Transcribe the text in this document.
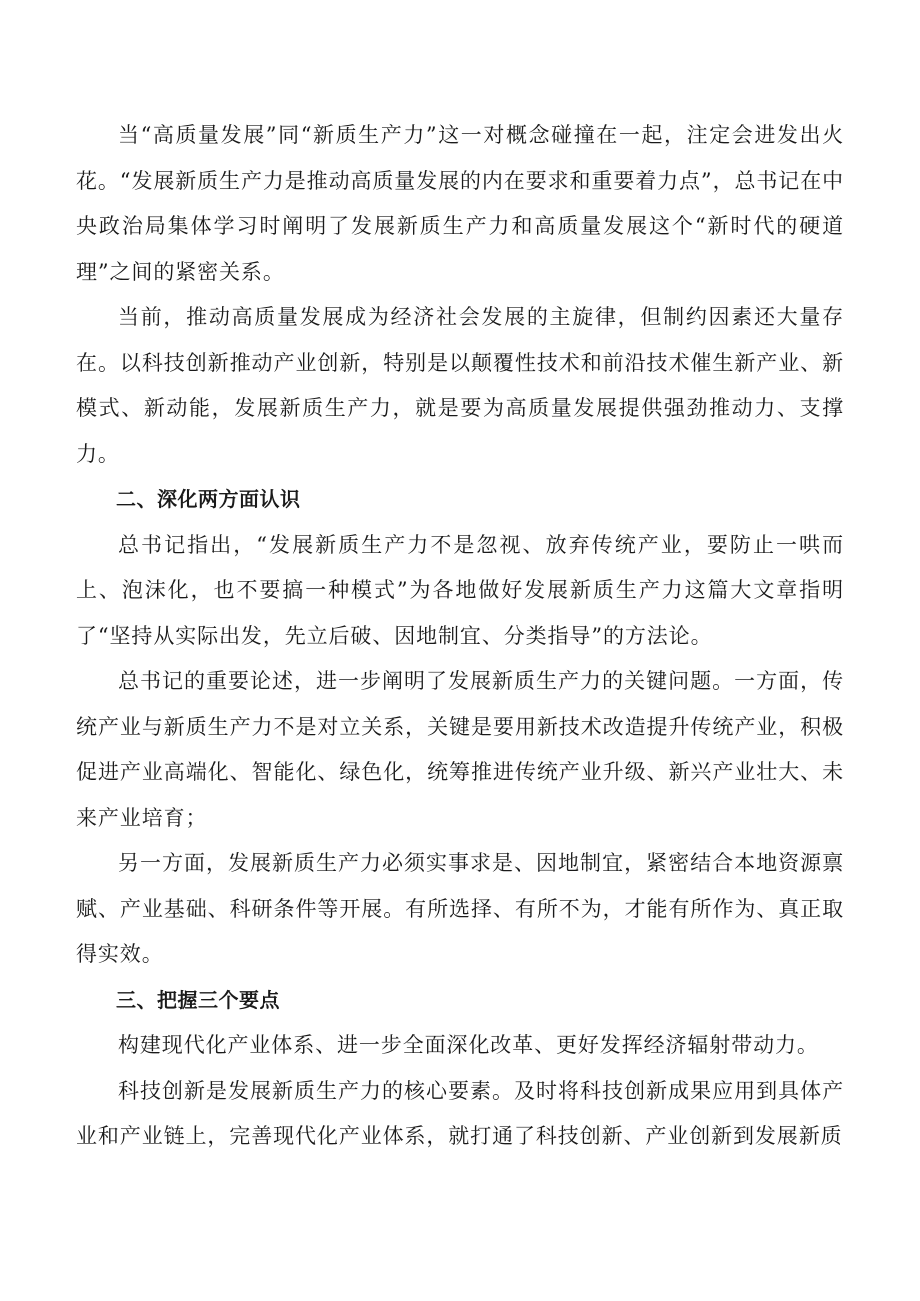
当“高质量发展”同“新质生产力”这一对概念碰撞在一起，注定会进发出火花。“发展新质生产力是推动高质量发展的内在要求和重要着力点”，总书记在中央政治局集体学习时阐明了发展新质生产力和高质量发展这个“新时代的硬道理”之间的紧密关系。

当前，推动高质量发展成为经济社会发展的主旋律，但制约因素还大量存在。以科技创新推动产业创新，特别是以颠覆性技术和前沿技术催生新产业、新模式、新动能，发展新质生产力，就是要为高质量发展提供强劲推动力、支撑力。

二、深化两方面认识

总书记指出，“发展新质生产力不是忽视、放弃传统产业，要防止一哄而上、泡沫化，也不要搞一种模式”为各地做好发展新质生产力这篇大文章指明了“坚持从实际出发，先立后破、因地制宜、分类指导”的方法论。

总书记的重要论述，进一步阐明了发展新质生产力的关键问题。一方面，传统产业与新质生产力不是对立关系，关键是要用新技术改造提升传统产业，积极促进产业高端化、智能化、绿色化，统筹推进传统产业升级、新兴产业壮大、未来产业培育；

另一方面，发展新质生产力必须实事求是、因地制宜，紧密结合本地资源禀赋、产业基础、科研条件等开展。有所选择、有所不为，才能有所作为、真正取得实效。

三、把握三个要点

构建现代化产业体系、进一步全面深化改革、更好发挥经济辐射带动力。

科技创新是发展新质生产力的核心要素。及时将科技创新成果应用到具体产业和产业链上，完善现代化产业体系，就打通了科技创新、产业创新到发展新质
